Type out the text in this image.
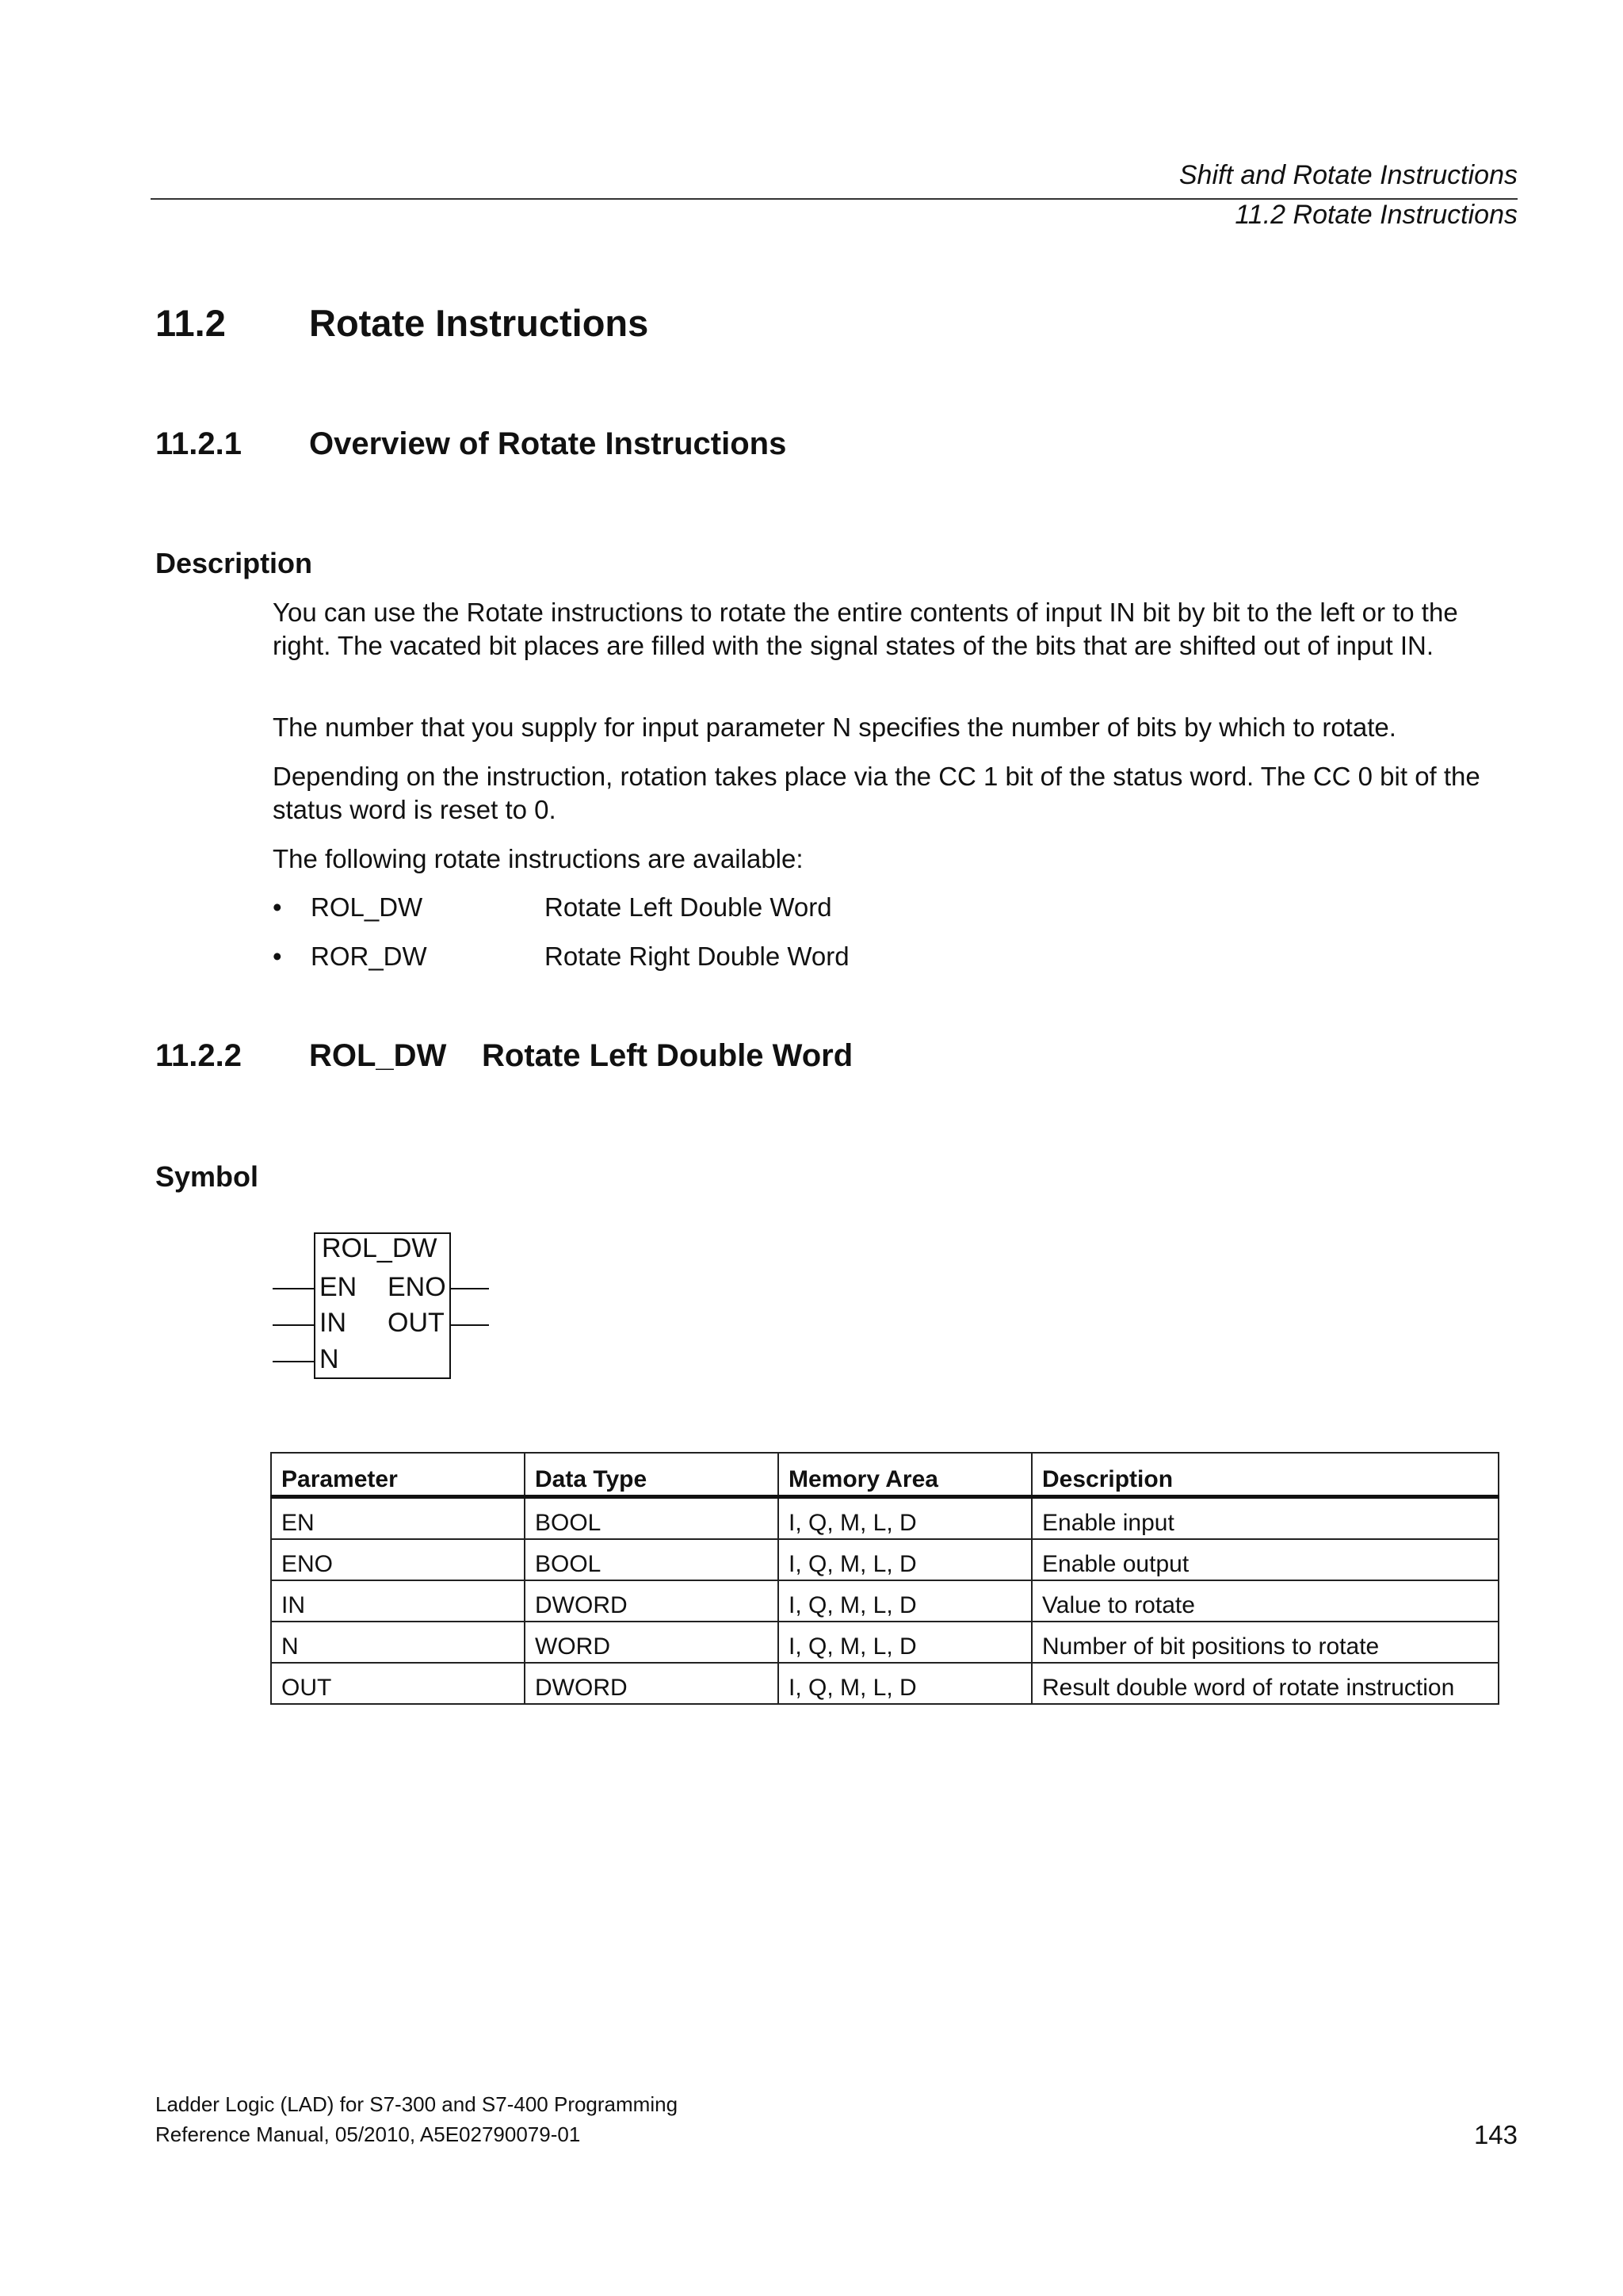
Shift and Rotate Instructions
11.2 Rotate Instructions
11.2 Rotate Instructions
11.2.1 Overview of Rotate Instructions
Description
You can use the Rotate instructions to rotate the entire contents of input IN bit by bit to the left or to the right. The vacated bit places are filled with the signal states of the bits that are shifted out of input IN.
The number that you supply for input parameter N specifies the number of bits by which to rotate.
Depending on the instruction, rotation takes place via the CC 1 bit of the status word. The CC 0 bit of the status word is reset to 0.
The following rotate instructions are available:
• ROL_DW	Rotate Left Double Word
• ROR_DW	Rotate Right Double Word
11.2.2 ROL_DW Rotate Left Double Word
Symbol
ROL_DW
EN
IN
N
ENO
OUT
Parameter	Data Type	Memory Area	Description
EN	BOOL	I, Q, M, L, D	Enable input
ENO	BOOL	I, Q, M, L, D	Enable output
IN	DWORD	I, Q, M, L, D	Value to rotate
N	WORD	I, Q, M, L, D	Number of bit positions to rotate
OUT	DWORD	I, Q, M, L, D	Result double word of rotate instruction
Ladder Logic (LAD) for S7-300 and S7-400 Programming
Reference Manual, 05/2010, A5E02790079-01	143
